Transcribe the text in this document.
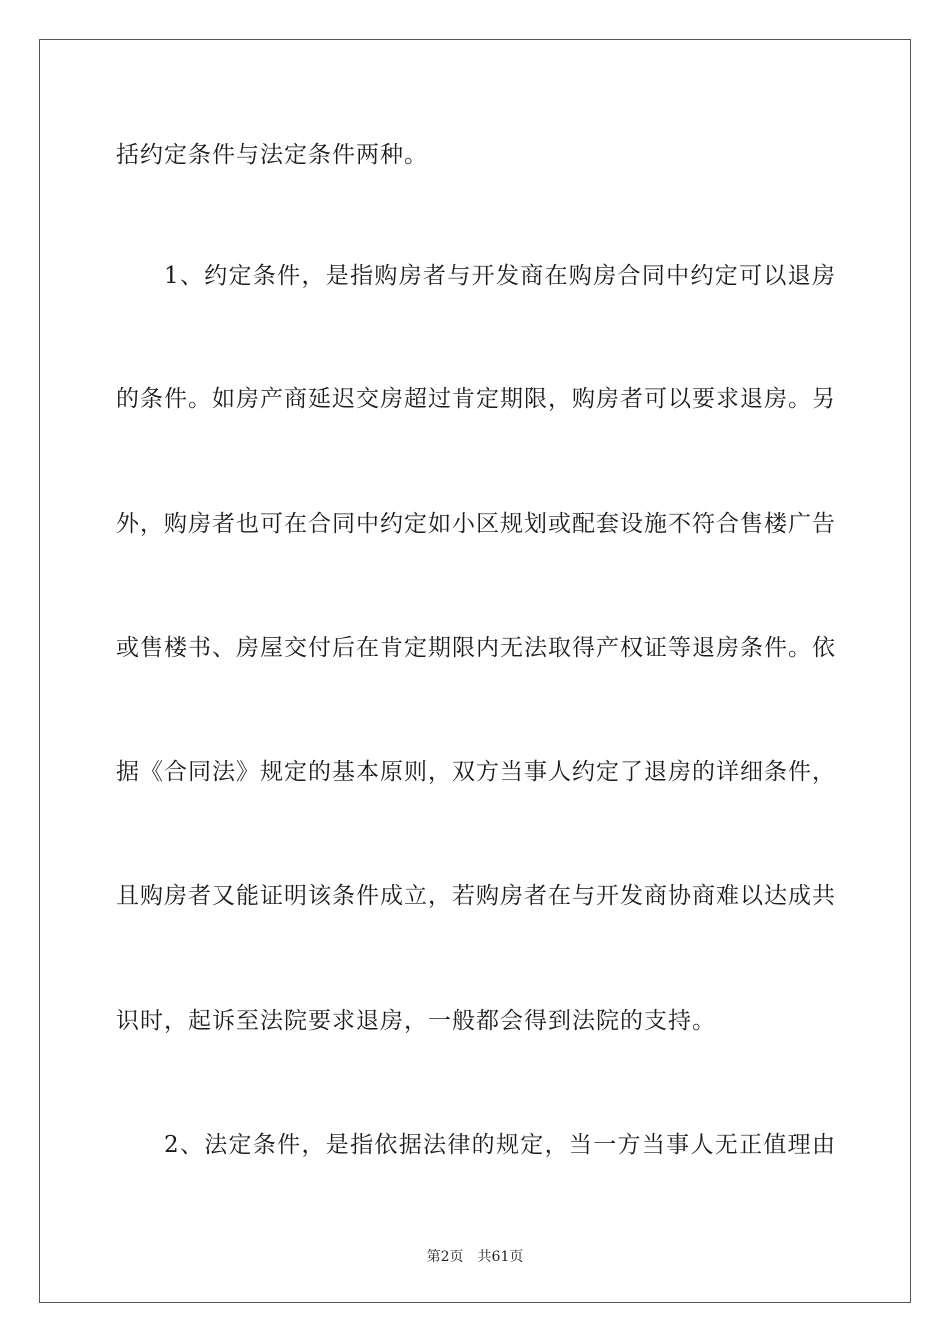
括约定条件与法定条件两种。
1、约定条件，是指购房者与开发商在购房合同中约定可以退房
的条件。如房产商延迟交房超过肯定期限，购房者可以要求退房。另
外，购房者也可在合同中约定如小区规划或配套设施不符合售楼广告
或售楼书、房屋交付后在肯定期限内无法取得产权证等退房条件。依
据《合同法》规定的基本原则，双方当事人约定了退房的详细条件，
且购房者又能证明该条件成立，若购房者在与开发商协商难以达成共
识时，起诉至法院要求退房，一般都会得到法院的支持。
2、法定条件，是指依据法律的规定，当一方当事人无正值理由
第2页 共61页
